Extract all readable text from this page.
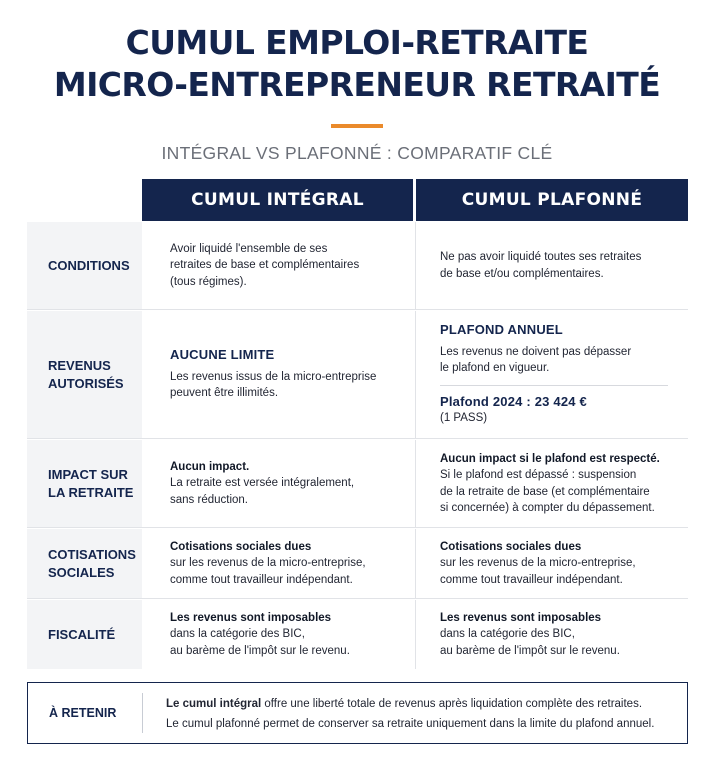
CUMUL EMPLOI-RETRAITE
MICRO-ENTREPRENEUR RETRAITÉ
INTÉGRAL VS PLAFONNÉ : COMPARATIF CLÉ
CUMUL INTÉGRAL	CUMUL PLAFONNÉ
CONDITIONS
Avoir liquidé l'ensemble de ses
retraites de base et complémentaires
(tous régimes).
Ne pas avoir liquidé toutes ses retraites
de base et/ou complémentaires.
REVENUS
AUTORISÉS
AUCUNE LIMITE
Les revenus issus de la micro-entreprise
peuvent être illimités.
PLAFOND ANNUEL
Les revenus ne doivent pas dépasser
le plafond en vigueur.
Plafond 2024 : 23 424 €
(1 PASS)
IMPACT SUR
LA RETRAITE
Aucun impact.
La retraite est versée intégralement,
sans réduction.
Aucun impact si le plafond est respecté.
Si le plafond est dépassé : suspension
de la retraite de base (et complémentaire
si concernée) à compter du dépassement.
COTISATIONS
SOCIALES
Cotisations sociales dues
sur les revenus de la micro-entreprise,
comme tout travailleur indépendant.
Cotisations sociales dues
sur les revenus de la micro-entreprise,
comme tout travailleur indépendant.
FISCALITÉ
Les revenus sont imposables
dans la catégorie des BIC,
au barème de l'impôt sur le revenu.
Les revenus sont imposables
dans la catégorie des BIC,
au barème de l'impôt sur le revenu.
À RETENIR

Le cumul intégral offre une liberté totale de revenus après liquidation complète des retraites.

Le cumul plafonné permet de conserver sa retraite uniquement dans la limite du plafond annuel.
